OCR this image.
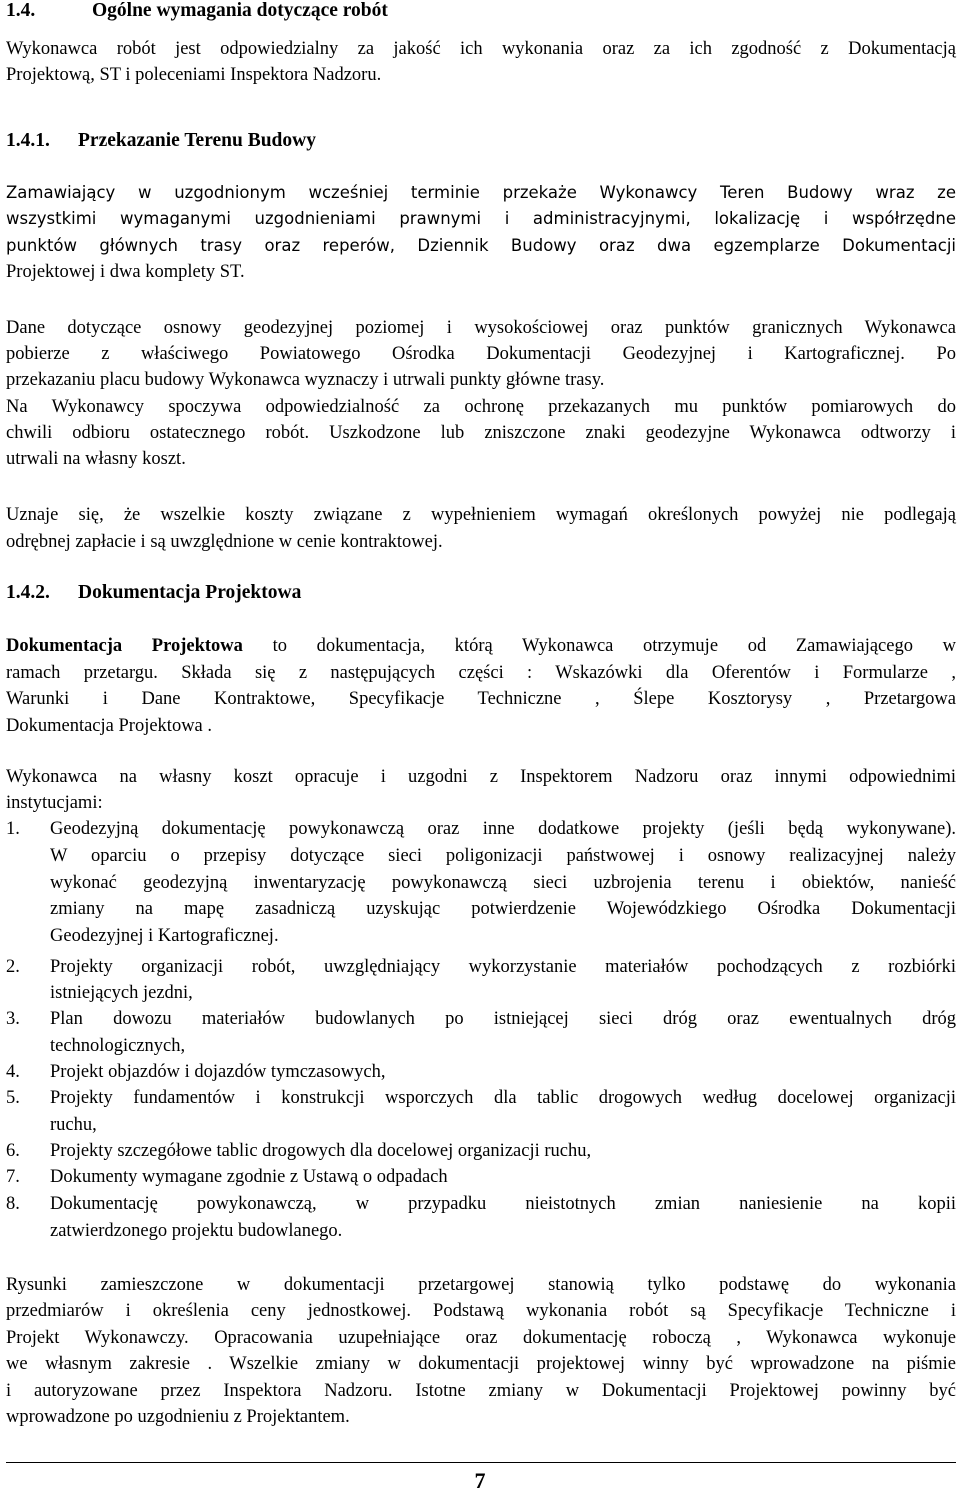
1.4.	Ogólne wymagania dotyczące robót
Wykonawca robót jest odpowiedzialny za jakość ich wykonania oraz za ich zgodność z Dokumentacją
Projektową, ST i poleceniami Inspektora Nadzoru.
1.4.1. Przekazanie Terenu Budowy
Zamawiający w uzgodnionym wcześniej terminie przekaże Wykonawcy Teren Budowy wraz ze
wszystkimi wymaganymi uzgodnieniami prawnymi i administracyjnymi, lokalizację i współrzędne
punktów głównych trasy oraz reperów, Dziennik Budowy oraz dwa egzemplarze Dokumentacji
Projektowej i dwa komplety ST.
Dane dotyczące osnowy geodezyjnej poziomej i wysokościowej oraz punktów granicznych Wykonawca
pobierze z właściwego Powiatowego Ośrodka Dokumentacji Geodezyjnej i Kartograficznej. Po
przekazaniu placu budowy Wykonawca wyznaczy i utrwali punkty główne trasy.
Na Wykonawcy spoczywa odpowiedzialność za ochronę przekazanych mu punktów pomiarowych do
chwili odbioru ostatecznego robót. Uszkodzone lub zniszczone znaki geodezyjne Wykonawca odtworzy i
utrwali na własny koszt.
Uznaje się, że wszelkie koszty związane z wypełnieniem wymagań określonych powyżej nie podlegają
odrębnej zapłacie i są uwzględnione w cenie kontraktowej.
1.4.2. Dokumentacja Projektowa
Dokumentacja Projektowa to dokumentacja, którą Wykonawca otrzymuje od Zamawiającego w
ramach przetargu. Składa się z następujących części : Wskazówki dla Oferentów i Formularze ,
Warunki i Dane Kontraktowe, Specyfikacje Techniczne , Ślepe Kosztorysy , Przetargowa
Dokumentacja Projektowa .
Wykonawca na własny koszt opracuje i uzgodni z Inspektorem Nadzoru oraz innymi odpowiednimi
instytucjami:
1. Geodezyjną dokumentację powykonawczą oraz inne dodatkowe projekty (jeśli będą wykonywane).
W oparciu o przepisy dotyczące sieci poligonizacji państwowej i osnowy realizacyjnej należy
wykonać geodezyjną inwentaryzację powykonawczą sieci uzbrojenia terenu i obiektów, nanieść
zmiany na mapę zasadniczą uzyskując potwierdzenie Wojewódzkiego Ośrodka Dokumentacji
Geodezyjnej i Kartograficznej.
2. Projekty organizacji robót, uwzględniający wykorzystanie materiałów pochodzących z rozbiórki
istniejących jezdni,
3. Plan dowozu materiałów budowlanych po istniejącej sieci dróg oraz ewentualnych dróg
technologicznych,
4. Projekt objazdów i dojazdów tymczasowych,
5. Projekty fundamentów i konstrukcji wsporczych dla tablic drogowych według docelowej organizacji
ruchu,
6. Projekty szczegółowe tablic drogowych dla docelowej organizacji ruchu,
7. Dokumenty wymagane zgodnie z Ustawą o odpadach
8. Dokumentację powykonawczą, w przypadku nieistotnych zmian naniesienie na kopii
zatwierdzonego projektu budowlanego.
Rysunki zamieszczone w dokumentacji przetargowej stanowią tylko podstawę do wykonania
przedmiarów i określenia ceny jednostkowej. Podstawą wykonania robót są Specyfikacje Techniczne i
Projekt Wykonawczy. Opracowania uzupełniające oraz dokumentację roboczą , Wykonawca wykonuje
we własnym zakresie . Wszelkie zmiany w dokumentacji projektowej winny być wprowadzone na piśmie
i autoryzowane przez Inspektora Nadzoru. Istotne zmiany w Dokumentacji Projektowej powinny być
wprowadzone po uzgodnieniu z Projektantem.
7
